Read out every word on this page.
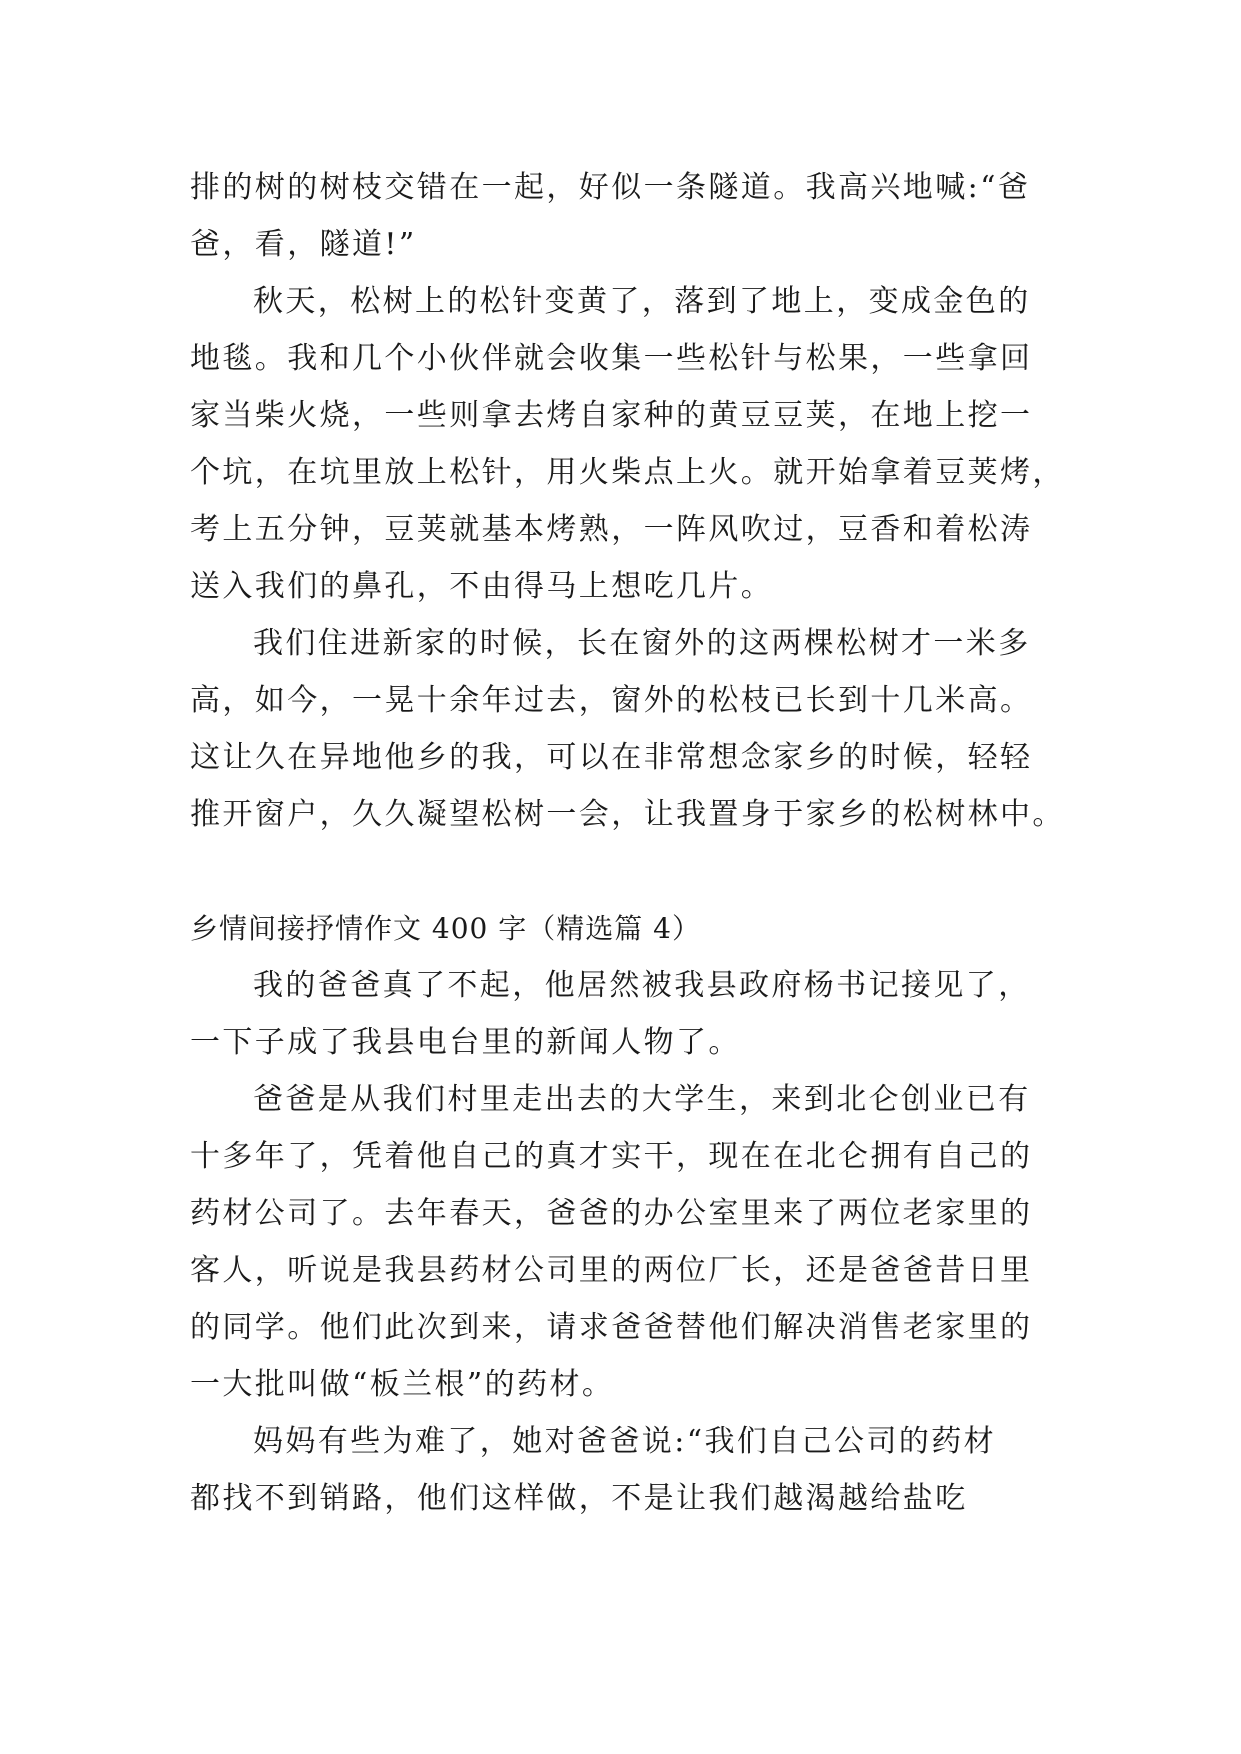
排的树的树枝交错在一起，好似一条隧道。我高兴地喊:“爸
爸，看，隧道!”
秋天，松树上的松针变黄了，落到了地上，变成金色的
地毯。我和几个小伙伴就会收集一些松针与松果，一些拿回
家当柴火烧，一些则拿去烤自家种的黄豆豆荚，在地上挖一
个坑，在坑里放上松针，用火柴点上火。就开始拿着豆荚烤，
考上五分钟，豆荚就基本烤熟，一阵风吹过，豆香和着松涛
送入我们的鼻孔，不由得马上想吃几片。
我们住进新家的时候，长在窗外的这两棵松树才一米多
高，如今，一晃十余年过去，窗外的松枝已长到十几米高。
这让久在异地他乡的我，可以在非常想念家乡的时候，轻轻
推开窗户，久久凝望松树一会，让我置身于家乡的松树林中。
乡情间接抒情作文 400 字（精选篇 4）
我的爸爸真了不起，他居然被我县政府杨书记接见了，
一下子成了我县电台里的新闻人物了。
爸爸是从我们村里走出去的大学生，来到北仑创业已有
十多年了，凭着他自己的真才实干，现在在北仑拥有自己的
药材公司了。去年春天，爸爸的办公室里来了两位老家里的
客人，听说是我县药材公司里的两位厂长，还是爸爸昔日里
的同学。他们此次到来，请求爸爸替他们解决消售老家里的
一大批叫做“板兰根”的药材。
妈妈有些为难了，她对爸爸说:“我们自己公司的药材
都找不到销路，他们这样做，不是让我们越渴越给盐吃
